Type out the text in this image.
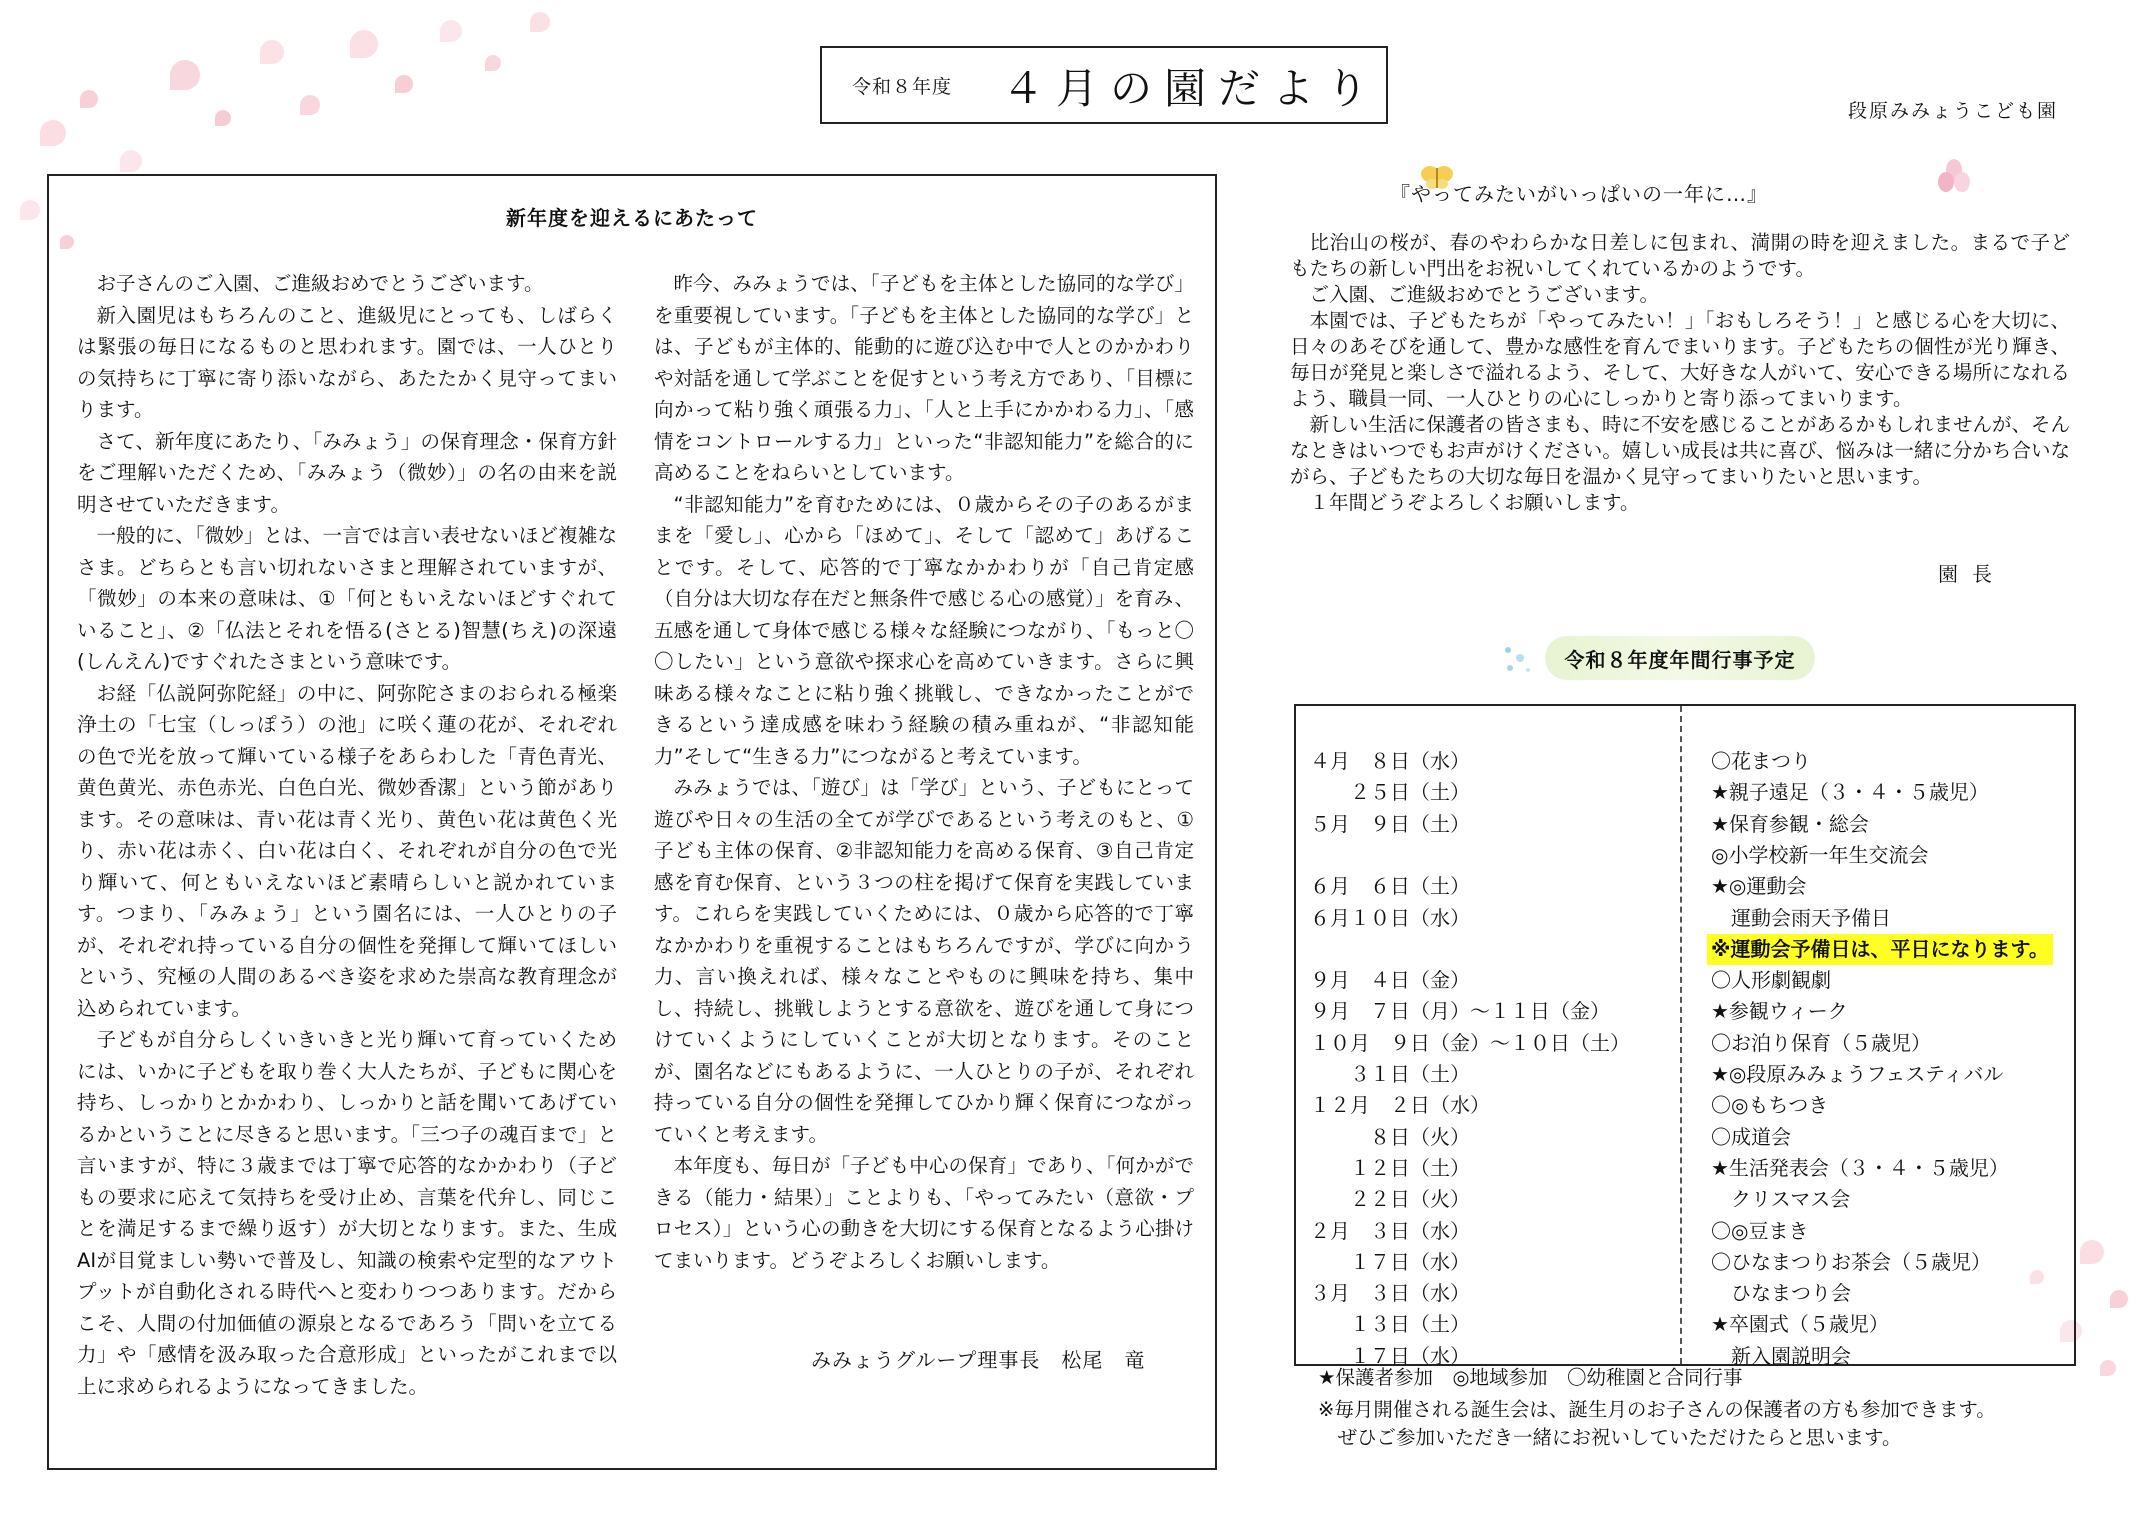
令和８年度 ４月の園だより	段原みみょうこども園
新年度を迎えるにあたって

お子さんのご入園、ご進級おめでとうございます。

新入園児はもちろんのこと、進級児にとっても、しばらくは緊張の毎日になるものと思われます。園では、一人ひとりの気持ちに丁寧に寄り添いながら、あたたかく見守ってまいります。

さて、新年度にあたり、「みみょう」の保育理念・保育方針をご理解いただくため、「みみょう（微妙）」の名の由来を説明させていただきます。

一般的に、「微妙」とは、一言では言い表せないほど複雑なさま。どちらとも言い切れないさまと理解されていますが、「微妙」の本来の意味は、①「何ともいえないほどすぐれていること」、②「仏法とそれを悟る(さとる)智慧(ちえ)の深遠(しんえん)ですぐれたさまという意味です。

お経「仏説阿弥陀経」の中に、阿弥陀さまのおられる極楽浄土の「七宝（しっぽう）の池」に咲く蓮の花が、それぞれの色で光を放って輝いている様子をあらわした「青色青光、黄色黄光、赤色赤光、白色白光、微妙香潔」という節があります。その意味は、青い花は青く光り、黄色い花は黄色く光り、赤い花は赤く、白い花は白く、それぞれが自分の色で光り輝いて、何ともいえないほど素晴らしいと説かれています。つまり、「みみょう」という園名には、一人ひとりの子が、それぞれ持っている自分の個性を発揮して輝いてほしいという、究極の人間のあるべき姿を求めた崇高な教育理念が込められています。

子どもが自分らしくいきいきと光り輝いて育っていくためには、いかに子どもを取り巻く大人たちが、子どもに関心を持ち、しっかりとかかわり、しっかりと話を聞いてあげているかということに尽きると思います。「三つ子の魂百まで」と言いますが、特に３歳までは丁寧で応答的なかかわり（子どもの要求に応えて気持ちを受け止め、言葉を代弁し、同じことを満足するまで繰り返す）が大切となります。また、生成AIが目覚ましい勢いで普及し、知識の検索や定型的なアウトプットが自動化される時代へと変わりつつあります。だからこそ、人間の付加価値の源泉となるであろう「問いを立てる力」や「感情を汲み取った合意形成」といったがこれまで以上に求められるようになってきました。

昨今、みみょうでは、「子どもを主体とした協同的な学び」を重要視しています。「子どもを主体とした協同的な学び」とは、子どもが主体的、能動的に遊び込む中で人とのかかわりや対話を通して学ぶことを促すという考え方であり、「目標に向かって粘り強く頑張る力」、「人と上手にかかわる力」、「感情をコントロールする力」といった“非認知能力”を総合的に高めることをねらいとしています。

“非認知能力”を育むためには、０歳からその子のあるがままを「愛し」、心から「ほめて」、そして「認めて」あげることです。そして、応答的で丁寧なかかわりが「自己肯定感（自分は大切な存在だと無条件で感じる心の感覚）」を育み、五感を通して身体で感じる様々な経験につながり、「もっと〇〇したい」という意欲や探求心を高めていきます。さらに興味ある様々なことに粘り強く挑戦し、できなかったことができるという達成感を味わう経験の積み重ねが、“非認知能力”そして“生きる力”につながると考えています。

みみょうでは、「遊び」は「学び」という、子どもにとって遊びや日々の生活の全てが学びであるという考えのもと、①子ども主体の保育、②非認知能力を高める保育、③自己肯定感を育む保育、という３つの柱を掲げて保育を実践しています。これらを実践していくためには、０歳から応答的で丁寧なかかわりを重視することはもちろんですが、学びに向かう力、言い換えれば、様々なことやものに興味を持ち、集中し、持続し、挑戦しようとする意欲を、遊びを通して身につけていくようにしていくことが大切となります。そのことが、園名などにもあるように、一人ひとりの子が、それぞれ持っている自分の個性を発揮してひかり輝く保育につながっていくと考えます。

本年度も、毎日が「子ども中心の保育」であり、「何かができる（能力・結果）」ことよりも、「やってみたい（意欲・プロセス）」という心の動きを大切にする保育となるよう心掛けてまいります。どうぞよろしくお願いします。

みみょうグループ理事長　松尾　竜
『やってみたいがいっぱいの一年に…』

比治山の桜が、春のやわらかな日差しに包まれ、満開の時を迎えました。まるで子どもたちの新しい門出をお祝いしてくれているかのようです。

ご入園、ご進級おめでとうございます。

本園では、子どもたちが「やってみたい！」「おもしろそう！」と感じる心を大切に、日々のあそびを通して、豊かな感性を育んでまいります。子どもたちの個性が光り輝き、毎日が発見と楽しさで溢れるよう、そして、大好きな人がいて、安心できる場所になれるよう、職員一同、一人ひとりの心にしっかりと寄り添ってまいります。

新しい生活に保護者の皆さまも、時に不安を感じることがあるかもしれませんが、そんなときはいつでもお声がけください。嬉しい成長は共に喜び、悩みは一緒に分かち合いながら、子どもたちの大切な毎日を温かく見守ってまいりたいと思います。

１年間どうぞよろしくお願いします。

園長
令和８年度年間行事予定
４月　８日（水）	〇花まつり
　　２５日（土）	★親子遠足（３・４・５歳児）
５月　９日（土）	★保育参観・総会
◎小学校新一年生交流会
６月　６日（土）	★◎運動会
６月１０日（水）	　運動会雨天予備日
※運動会予備日は、平日になります。
９月　４日（金）	〇人形劇観劇
９月　７日（月）～１１日（金）	★参観ウィーク
１０月　９日（金）～１０日（土）	〇お泊り保育（５歳児）
　　３１日（土）	★◎段原みみょうフェスティバル
１２月　２日（水）	〇◎もちつき
　　　８日（火）	〇成道会
　　１２日（土）	★生活発表会（３・４・５歳児）
　　２２日（火）	　クリスマス会
２月　３日（水）	〇◎豆まき
　　１７日（水）	〇ひなまつりお茶会（５歳児）
３月　３日（水）	　ひなまつり会
　　１３日（土）	★卒園式（５歳児）
　　１７日（水）	　新入園説明会
★保護者参加　◎地域参加　〇幼稚園と合同行事
※毎月開催される誕生会は、誕生月のお子さんの保護者の方も参加できます。
　ぜひご参加いただき一緒にお祝いしていただけたらと思います。
